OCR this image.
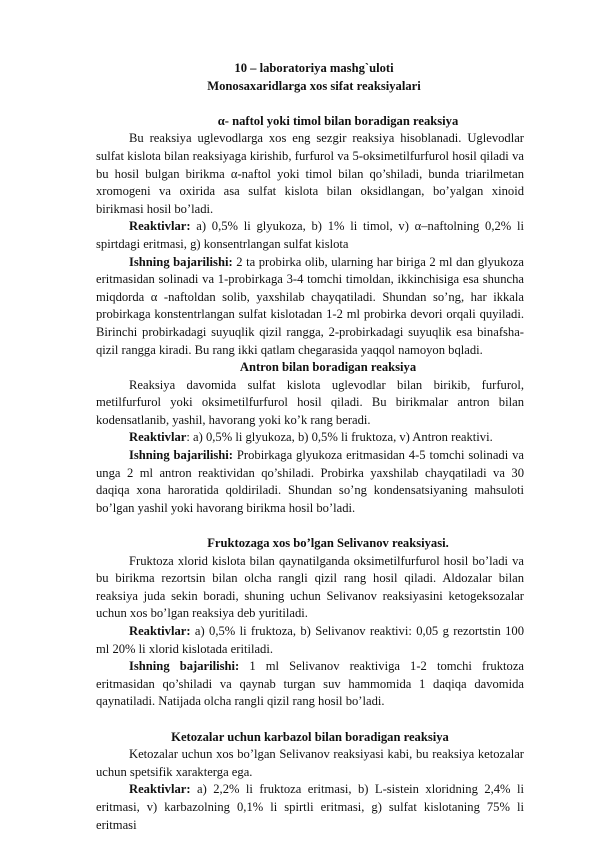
10 – laboratoriya mashg`uloti
Monosaxaridlarga xos sifat reaksiyalari
α- naftol yoki timol bilan boradigan reaksiya

Bu reaksiya uglevodlarga xos eng sezgir reaksiya hisoblanadi. Uglevodlar sulfat kislota bilan reaksiyaga kirishib, furfurol va 5-oksimetilfurfurol hosil qiladi va bu hosil bulgan birikma α-naftol yoki timol bilan qo’shiladi, bunda triarilmetan xromogeni va oxirida asa sulfat kislota bilan oksidlangan, bo’yalgan xinoid birikmasi hosil bo’ladi.

Reaktivlar: a) 0,5% li glyukoza, b) 1% li timol, v) α–naftolning 0,2% li spirtdagi eritmasi, g) konsentrlangan sulfat kislota

Ishning bajarilishi: 2 ta probirka olib, ularning har biriga 2 ml dan glyukoza eritmasidan solinadi va 1-probirkaga 3-4 tomchi timoldan, ikkinchisiga esa shuncha miqdorda α -naftoldan solib, yaxshilab chayqatiladi. Shundan so’ng, har ikkala probirkaga konstentrlangan sulfat kislotadan 1-2 ml probirka devori orqali quyiladi. Birinchi probirkadagi suyuqlik qizil rangga, 2-probirkadagi suyuqlik esa binafsha-qizil rangga kiradi. Bu rang ikki qatlam chegarasida yaqqol namoyon bqladi.

Antron bilan boradigan reaksiya

Reaksiya davomida sulfat kislota uglevodlar bilan birikib, furfurol, metilfurfurol yoki oksimetilfurfurol hosil qiladi. Bu birikmalar antron bilan kodensatlanib, yashil, havorang yoki ko’k rang beradi.

Reaktivlar: a) 0,5% li glyukoza, b) 0,5% li fruktoza, v) Antron reaktivi.

Ishning bajarilishi: Probirkaga glyukoza eritmasidan 4-5 tomchi solinadi va unga 2 ml antron reaktividan qo’shiladi. Probirka yaxshilab chayqatiladi va 30 daqiqa xona haroratida qoldiriladi. Shundan so’ng kondensatsiyaning mahsuloti bo’lgan yashil yoki havorang birikma hosil bo’ladi.

Fruktozaga xos bo’lgan Selivanov reaksiyasi.

Fruktoza xlorid kislota bilan qaynatilganda oksimetilfurfurol hosil bo’ladi va bu birikma rezortsin bilan olcha rangli qizil rang hosil qiladi. Aldozalar bilan reaksiya juda sekin boradi, shuning uchun Selivanov reaksiyasini ketogeksozalar uchun xos bo’lgan reaksiya deb yuritiladi.

Reaktivlar: a) 0,5% li fruktoza, b) Selivanov reaktivi: 0,05 g rezortstin 100 ml 20% li xlorid kislotada eritiladi.

Ishning bajarilishi: 1 ml Selivanov reaktiviga 1-2 tomchi fruktoza eritmasidan qo’shiladi va qaynab turgan suv hammomida 1 daqiqa davomida qaynatiladi. Natijada olcha rangli qizil rang hosil bo’ladi.

Ketozalar uchun karbazol bilan boradigan reaksiya

Ketozalar uchun xos bo’lgan Selivanov reaksiyasi kabi, bu reaksiya ketozalar uchun spetsifik xarakterga ega.

Reaktivlar: a) 2,2% li fruktoza eritmasi, b) L-sistein xloridning 2,4% li eritmasi, v) karbazolning 0,1% li spirtli eritmasi, g) sulfat kislotaning 75% li eritmasi
